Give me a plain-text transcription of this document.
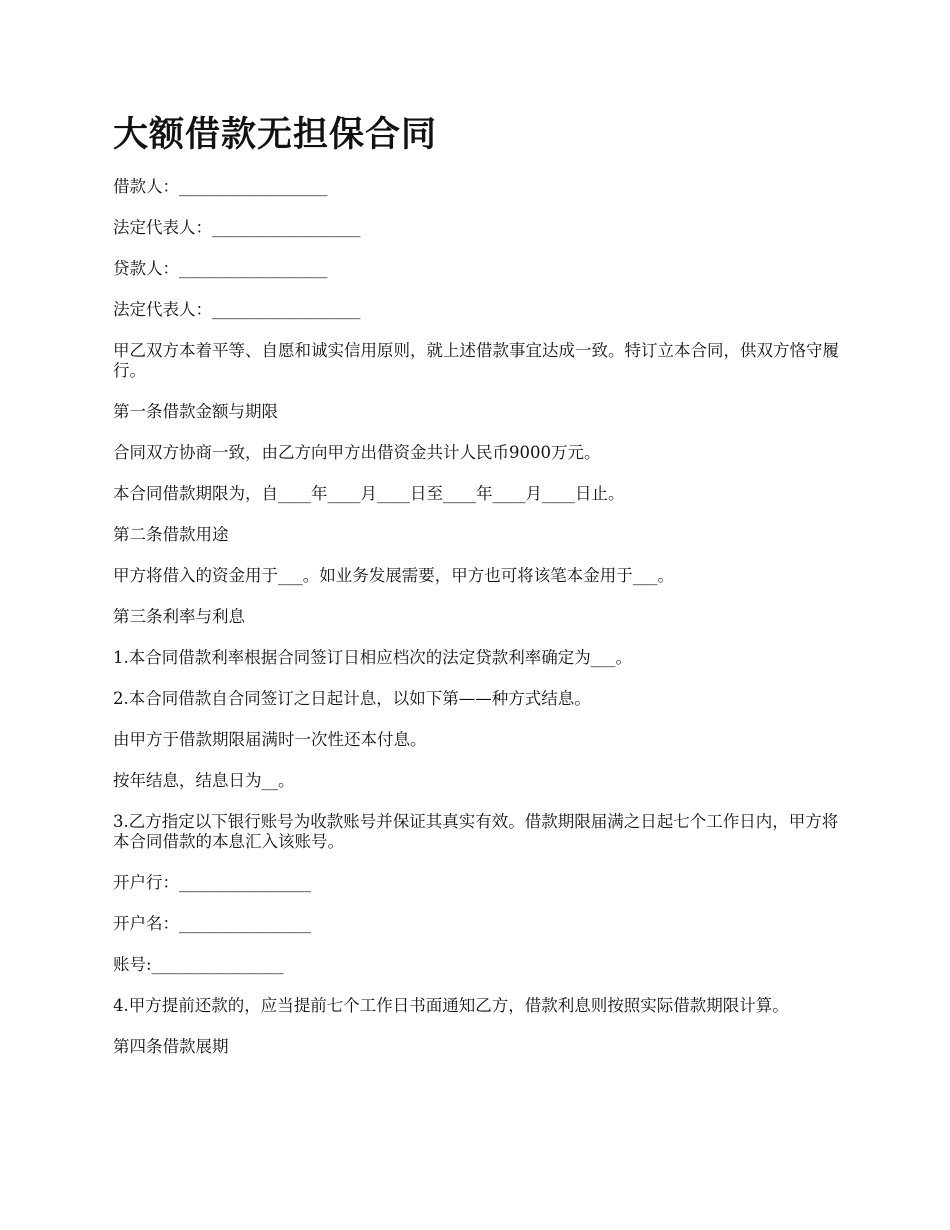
大额借款无担保合同

借款人：__________________

法定代表人：__________________

贷款人：__________________

法定代表人：__________________

甲乙双方本着平等、自愿和诚实信用原则，就上述借款事宜达成一致。特订立本合同，供双方恪守履行。

第一条借款金额与期限

合同双方协商一致，由乙方向甲方出借资金共计人民币9000万元。

本合同借款期限为，自____年____月____日至____年____月____日止。

第二条借款用途

甲方将借入的资金用于___。如业务发展需要，甲方也可将该笔本金用于___。

第三条利率与利息

1.本合同借款利率根据合同签订日相应档次的法定贷款利率确定为___。

2.本合同借款自合同签订之日起计息，以如下第——种方式结息。

由甲方于借款期限届满时一次性还本付息。

按年结息，结息日为__。

3.乙方指定以下银行账号为收款账号并保证其真实有效。借款期限届满之日起七个工作日内，甲方将本合同借款的本息汇入该账号。

开户行：________________

开户名：________________

账号:________________

4.甲方提前还款的，应当提前七个工作日书面通知乙方，借款利息则按照实际借款期限计算。

第四条借款展期
